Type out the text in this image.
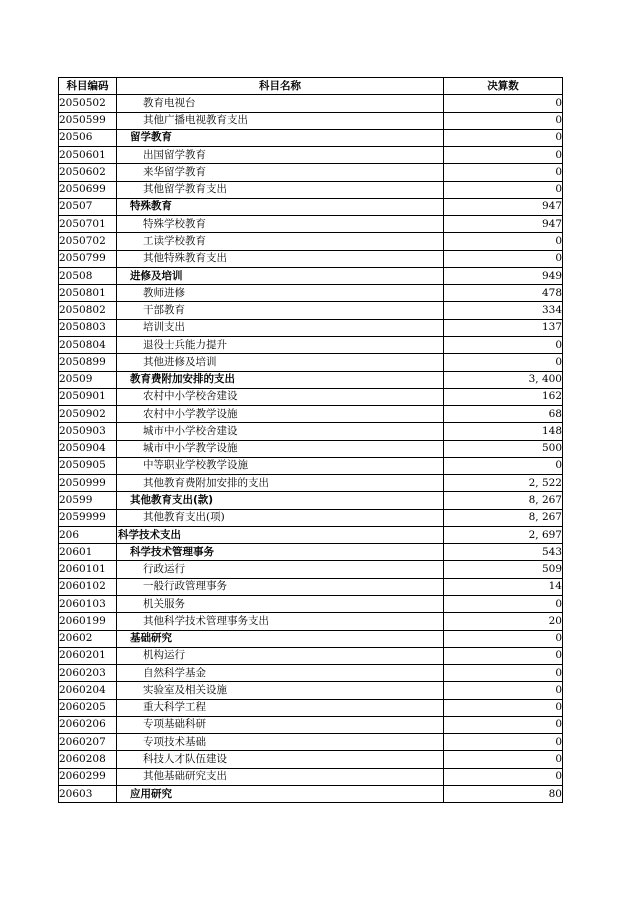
科目编码	科目名称	决算数
2050502	教育电视台	0
2050599	其他广播电视教育支出	0
20506	留学教育	0
2050601	出国留学教育	0
2050602	来华留学教育	0
2050699	其他留学教育支出	0
20507	特殊教育	947
2050701	特殊学校教育	947
2050702	工读学校教育	0
2050799	其他特殊教育支出	0
20508	进修及培训	949
2050801	教师进修	478
2050802	干部教育	334
2050803	培训支出	137
2050804	退役士兵能力提升	0
2050899	其他进修及培训	0
20509	教育费附加安排的支出	3, 400
2050901	农村中小学校舍建设	162
2050902	农村中小学教学设施	68
2050903	城市中小学校舍建设	148
2050904	城市中小学教学设施	500
2050905	中等职业学校教学设施	0
2050999	其他教育费附加安排的支出	2, 522
20599	其他教育支出(款)	8, 267
2059999	其他教育支出(项)	8, 267
206	科学技术支出	2, 697
20601	科学技术管理事务	543
2060101	行政运行	509
2060102	一般行政管理事务	14
2060103	机关服务	0
2060199	其他科学技术管理事务支出	20
20602	基础研究	0
2060201	机构运行	0
2060203	自然科学基金	0
2060204	实验室及相关设施	0
2060205	重大科学工程	0
2060206	专项基础科研	0
2060207	专项技术基础	0
2060208	科技人才队伍建设	0
2060299	其他基础研究支出	0
20603	应用研究	80
